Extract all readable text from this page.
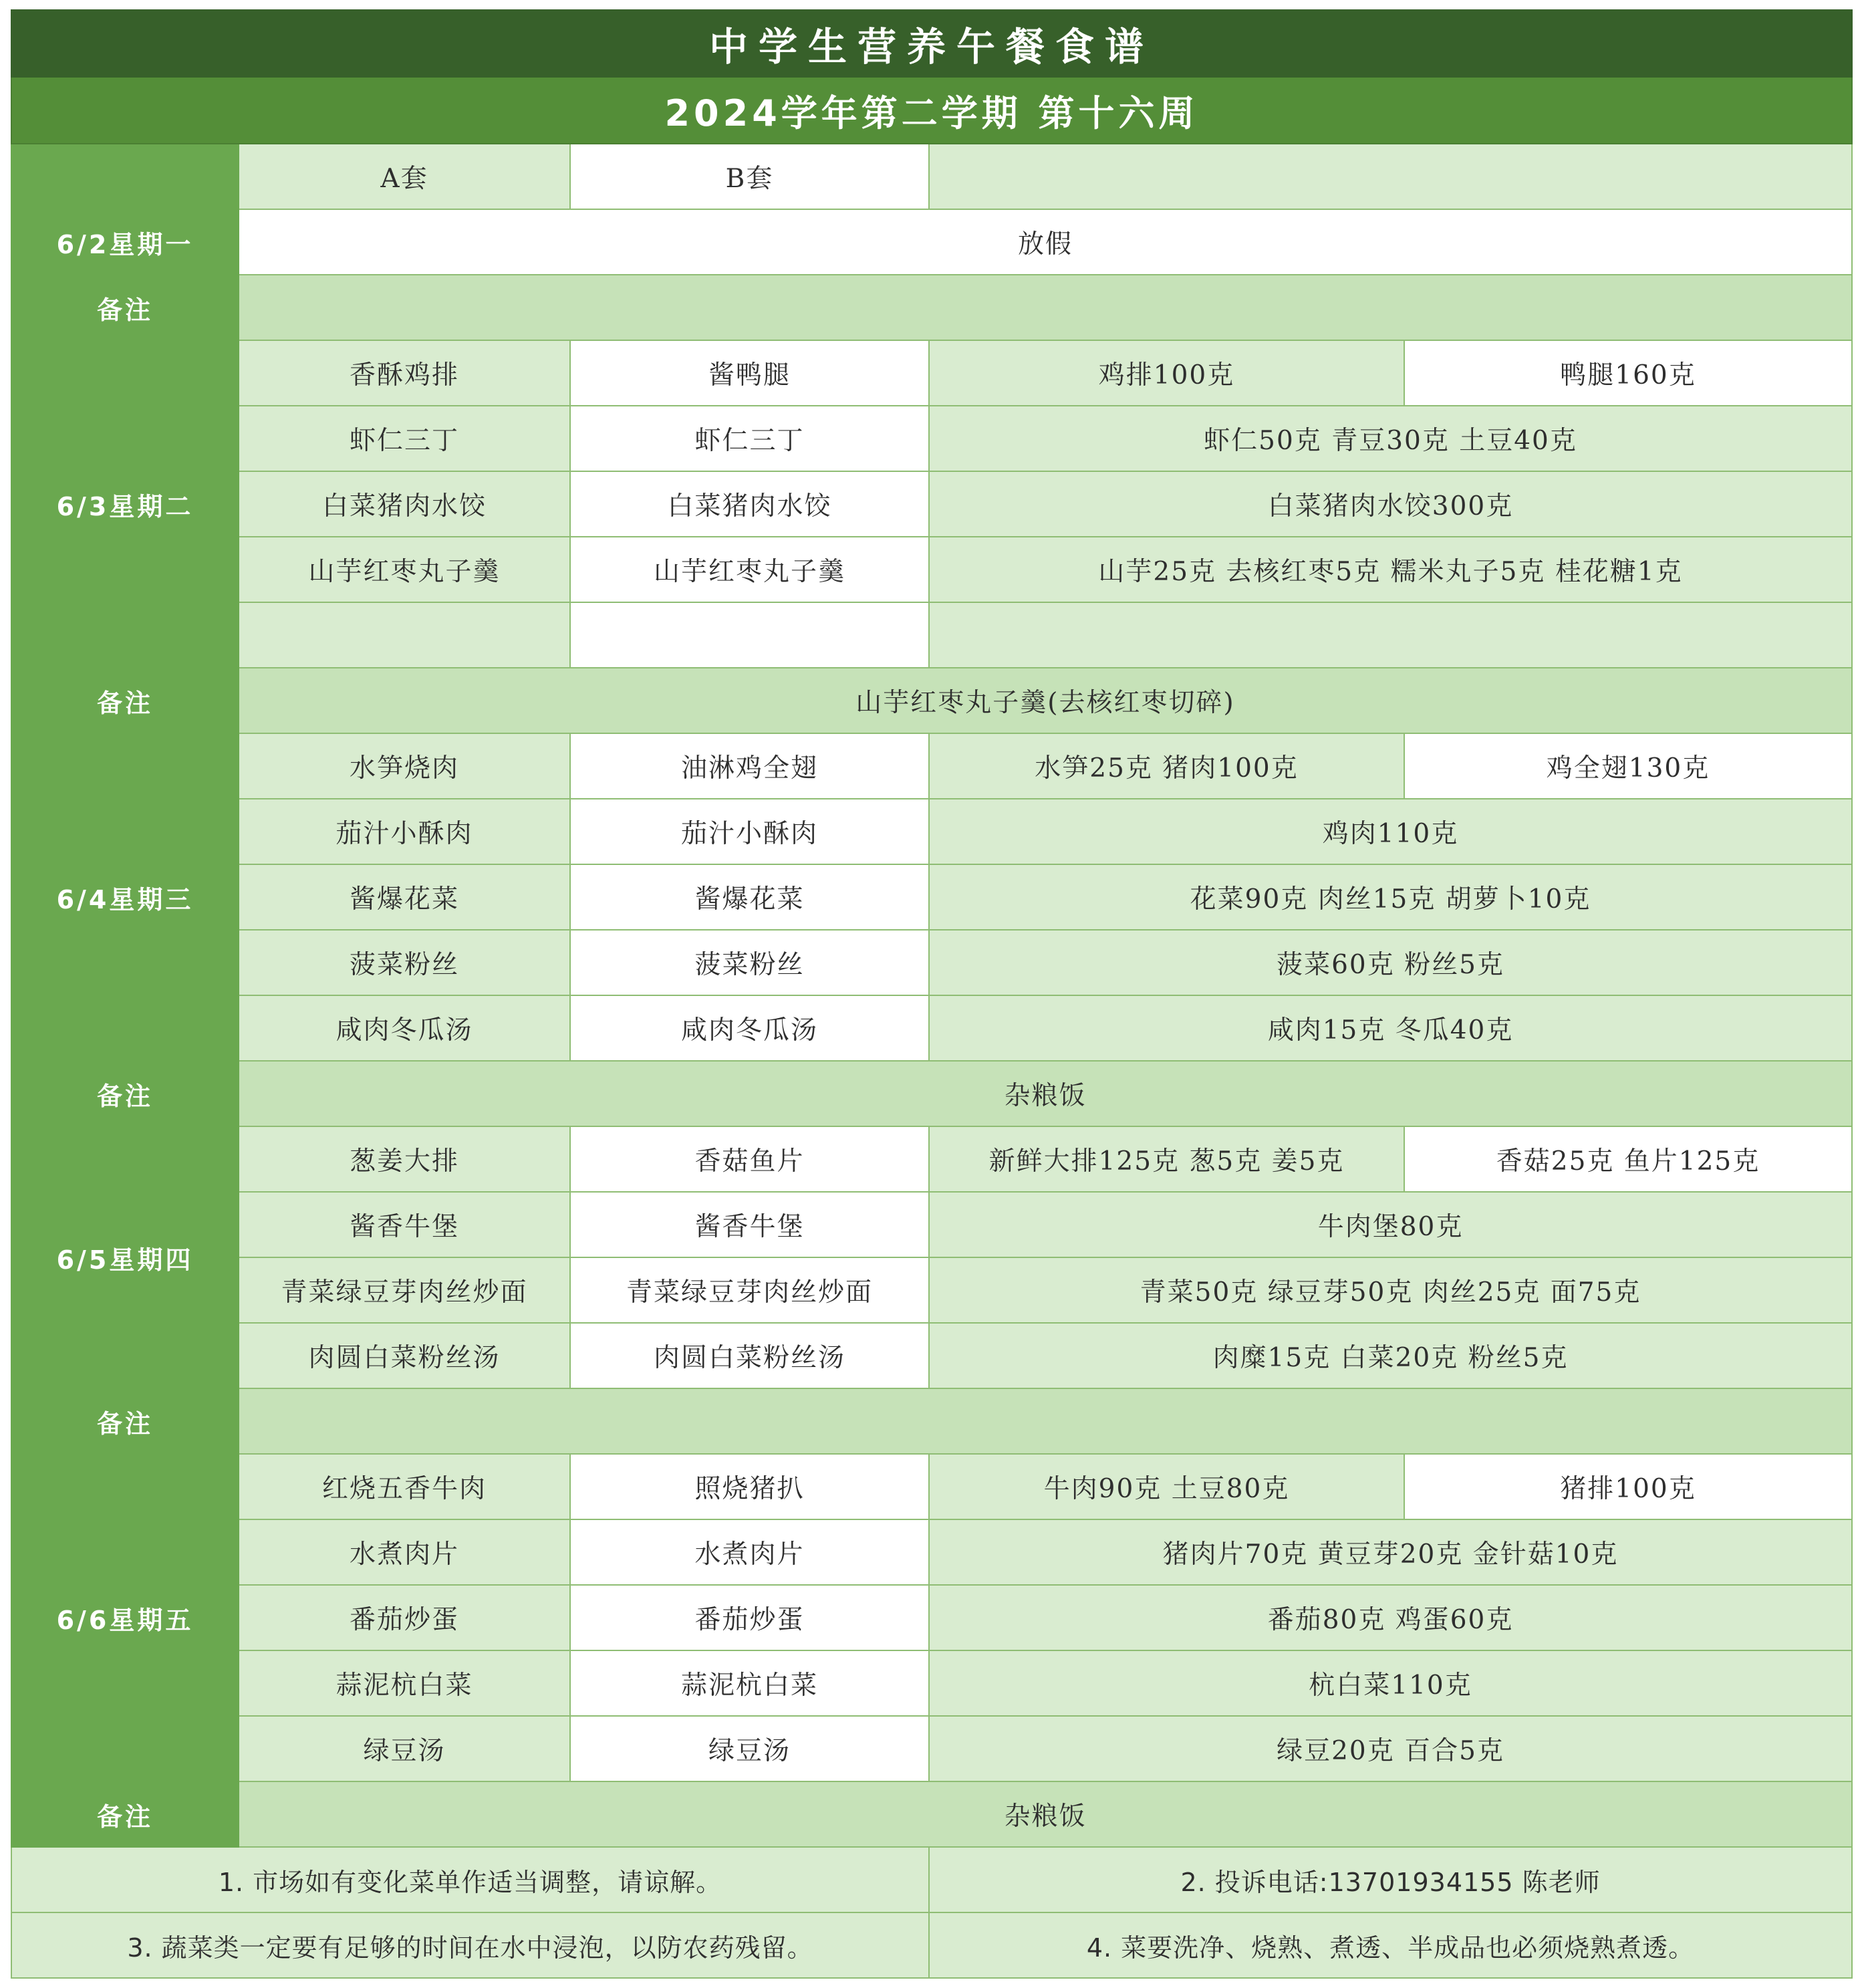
中学生营养午餐食谱				
2024学年第二学期 第十六周				
	A套	B套		
6/2星期一	放假			
备注				
6/3星期二	香酥鸡排	酱鸭腿	鸡排100克	鸭腿160克
	虾仁三丁	虾仁三丁	虾仁50克 青豆30克 土豆40克	
	白菜猪肉水饺	白菜猪肉水饺	白菜猪肉水饺300克	
	山芋红枣丸子羹	山芋红枣丸子羹	山芋25克 去核红枣5克 糯米丸子5克 桂花糖1克	

备注	山芋红枣丸子羹(去核红枣切碎)			
6/4星期三	水笋烧肉	油淋鸡全翅	水笋25克 猪肉100克	鸡全翅130克
	茄汁小酥肉	茄汁小酥肉	鸡肉110克	
	酱爆花菜	酱爆花菜	花菜90克 肉丝15克 胡萝卜10克	
	菠菜粉丝	菠菜粉丝	菠菜60克 粉丝5克	
	咸肉冬瓜汤	咸肉冬瓜汤	咸肉15克 冬瓜40克	
备注	杂粮饭			
6/5星期四	葱姜大排	香菇鱼片	新鲜大排125克 葱5克 姜5克	香菇25克 鱼片125克
	酱香牛堡	酱香牛堡	牛肉堡80克	
	青菜绿豆芽肉丝炒面	青菜绿豆芽肉丝炒面	青菜50克 绿豆芽50克 肉丝25克 面75克	
	肉圆白菜粉丝汤	肉圆白菜粉丝汤	肉糜15克 白菜20克 粉丝5克	
备注				
6/6星期五	红烧五香牛肉	照烧猪扒	牛肉90克 土豆80克	猪排100克
	水煮肉片	水煮肉片	猪肉片70克 黄豆芽20克 金针菇10克	
	番茄炒蛋	番茄炒蛋	番茄80克 鸡蛋60克	
	蒜泥杭白菜	蒜泥杭白菜	杭白菜110克	
	绿豆汤	绿豆汤	绿豆20克 百合5克	
备注	杂粮饭			
1. 市场如有变化菜单作适当调整，请谅解。			2. 投诉电话:13701934155 陈老师	
3. 蔬菜类一定要有足够的时间在水中浸泡，以防农药残留。			4. 菜要洗净、烧熟、煮透、半成品也必须烧熟煮透。	
